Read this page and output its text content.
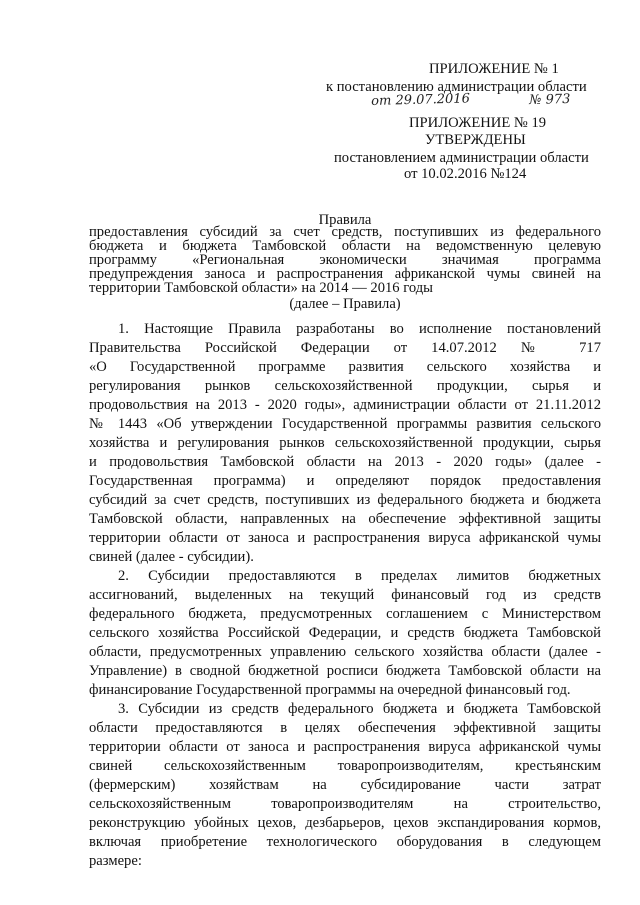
ПРИЛОЖЕНИЕ № 1
к постановлению администрации области
от 29.07.2016	№ 973
ПРИЛОЖЕНИЕ № 19
УТВЕРЖДЕНЫ
постановлением администрации области
от 10.02.2016 №124
Правила
предоставления субсидий за счет средств, поступивших из федерального
бюджета и бюджета Тамбовской области на ведомственную целевую
программу «Региональная экономически значимая программа
предупреждения заноса и распространения африканской чумы свиней на
территории Тамбовской области» на 2014 — 2016 годы
(далее – Правила)
1. Настоящие Правила разработаны во исполнение постановлений
Правительства Российской Федерации от 14.07.2012 № 717
«О Государственной программе развития сельского хозяйства и
регулирования рынков сельскохозяйственной продукции, сырья и
продовольствия на 2013 - 2020 годы», администрации области от 21.11.2012
№ 1443 «Об утверждении Государственной программы развития сельского
хозяйства и регулирования рынков сельскохозяйственной продукции, сырья
и продовольствия Тамбовской области на 2013 - 2020 годы» (далее -
Государственная программа) и определяют порядок предоставления
субсидий за счет средств, поступивших из федерального бюджета и бюджета
Тамбовской области, направленных на обеспечение эффективной защиты
территории области от заноса и распространения вируса африканской чумы
свиней (далее - субсидии).
2. Субсидии предоставляются в пределах лимитов бюджетных
ассигнований, выделенных на текущий финансовый год из средств
федерального бюджета, предусмотренных соглашением с Министерством
сельского хозяйства Российской Федерации, и средств бюджета Тамбовской
области, предусмотренных управлению сельского хозяйства области (далее -
Управление) в сводной бюджетной росписи бюджета Тамбовской области на
финансирование Государственной программы на очередной финансовый год.
3. Субсидии из средств федерального бюджета и бюджета Тамбовской
области предоставляются в целях обеспечения эффективной защиты
территории области от заноса и распространения вируса африканской чумы
свиней сельскохозяйственным товаропроизводителям, крестьянским
(фермерским) хозяйствам на субсидирование части затрат
сельскохозяйственным товаропроизводителям на строительство,
реконструкцию убойных цехов, дезбарьеров, цехов экспандирования кормов,
включая приобретение технологического оборудования в следующем
размере:
